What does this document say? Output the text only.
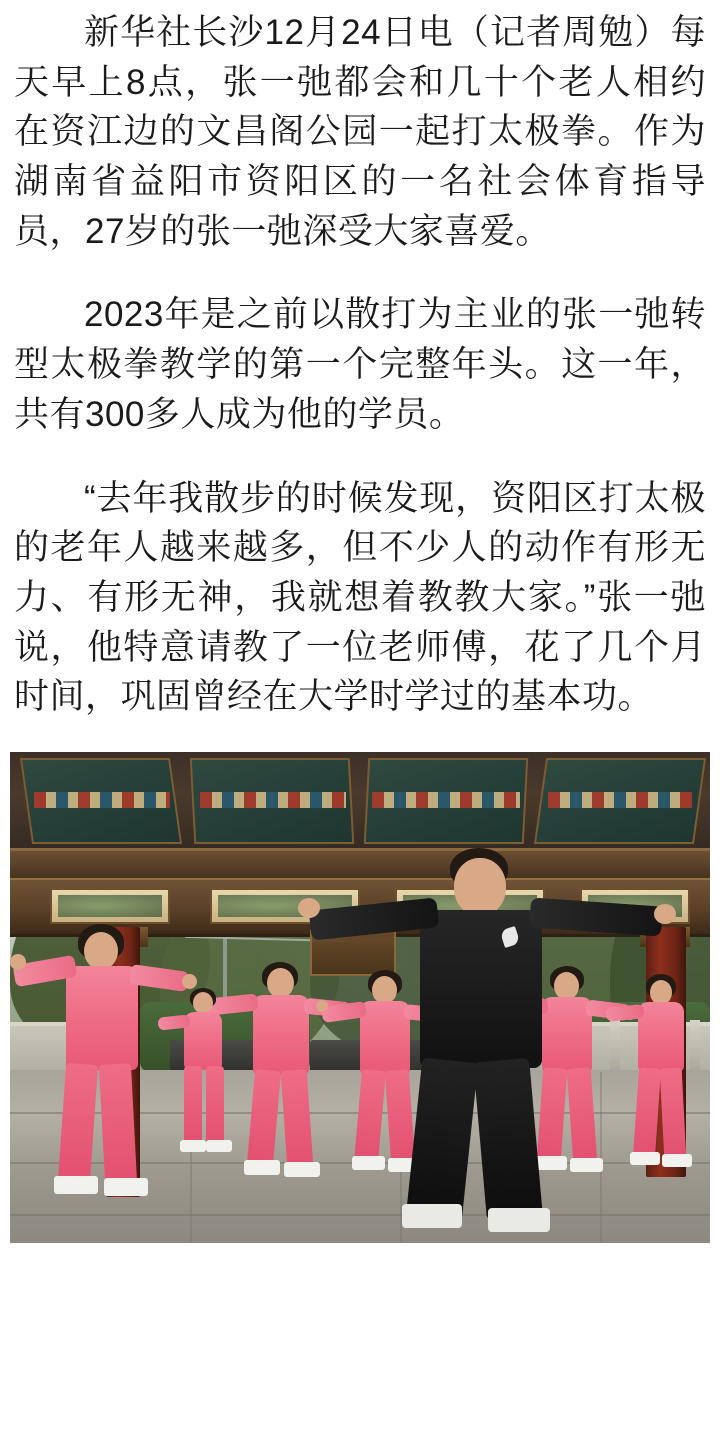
新华社长沙12月24日电（记者周勉）每天早上8点，张一弛都会和几十个老人相约在资江边的文昌阁公园一起打太极拳。作为湖南省益阳市资阳区的一名社会体育指导员，27岁的张一弛深受大家喜爱。

2023年是之前以散打为主业的张一弛转型太极拳教学的第一个完整年头。这一年，共有300多人成为他的学员。

“去年我散步的时候发现，资阳区打太极的老年人越来越多，但不少人的动作有形无力、有形无神，我就想着教教大家。”张一弛说，他特意请教了一位老师傅，花了几个月时间，巩固曾经在大学时学过的基本功。
